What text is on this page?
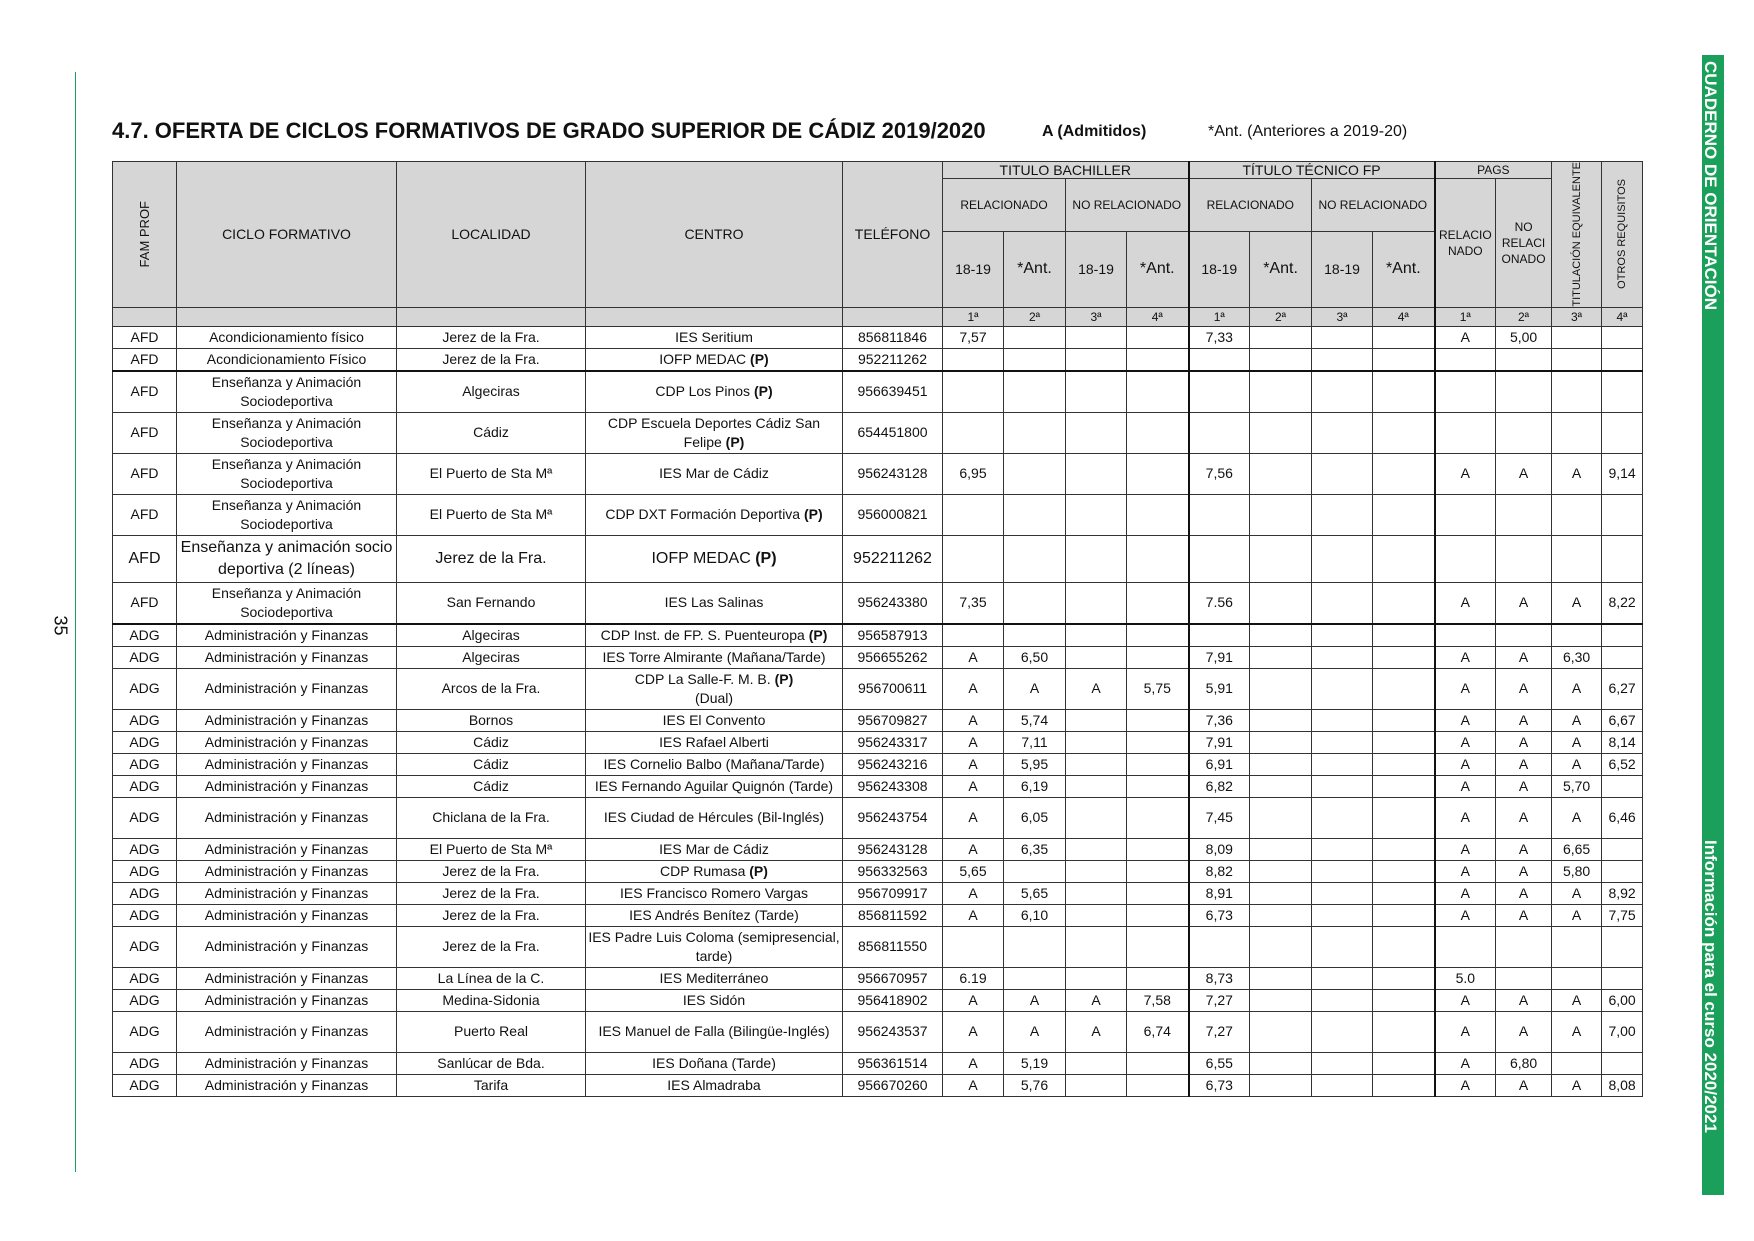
35
CUADERNO DE ORIENTACIÓN
Información para el curso 2020/2021
4.7. OFERTA DE CICLOS FORMATIVOS DE GRADO SUPERIOR DE CÁDIZ 2019/2020	A (Admitidos)	*Ant. (Anteriores a 2019-20)
FAM PROF	CICLO FORMATIVO	LOCALIDAD	CENTRO	TELÉFONO	TITULO BACHILLER				TÍTULO TÉCNICO FP				PAGS		TITULACIÓN EQUIVALENTE	OTROS REQUISITOS

					RELACIONADO		NO RELACIONADO		RELACIONADO		NO RELACIONADO		RELACIO NADO	NO RELACI ONADO		
					18-19	*Ant.	18-19	*Ant.	18-19	*Ant.	18-19	*Ant.				
					1ª	2ª	3ª	4ª	1ª	2ª	3ª	4ª	1ª	2ª	3ª	4ª
AFD	Acondicionamiento físico	Jerez de la Fra.	IES Seritium	856811846	7,57				7,33				A	5,00		
AFD	Acondicionamiento Físico	Jerez de la Fra.	IOFP MEDAC (P)	952211262												
AFD	Enseñanza y Animación Sociodeportiva	Algeciras	CDP Los Pinos (P)	956639451												
AFD	Enseñanza y Animación Sociodeportiva	Cádiz	CDP Escuela Deportes Cádiz San Felipe (P)	654451800												
AFD	Enseñanza y Animación Sociodeportiva	El Puerto de Sta Mª	IES Mar de Cádiz	956243128	6,95				7,56				A	A	A	9,14
AFD	Enseñanza y Animación Sociodeportiva	El Puerto de Sta Mª	CDP DXT Formación Deportiva (P)	956000821												
AFD	Enseñanza y animación socio deportiva (2 líneas)	Jerez de la Fra.	IOFP MEDAC (P)	952211262												
AFD	Enseñanza y Animación Sociodeportiva	San Fernando	IES Las Salinas	956243380	7,35				7.56				A	A	A	8,22
ADG	Administración y Finanzas	Algeciras	CDP Inst. de FP. S. Puenteuropa (P)	956587913												
ADG	Administración y Finanzas	Algeciras	IES Torre Almirante (Mañana/Tarde)	956655262	A	6,50			7,91				A	A	6,30	
ADG	Administración y Finanzas	Arcos de la Fra.	CDP La Salle-F. M. B. (P)
(Dual)	956700611	A	A	A	5,75	5,91				A	A	A	6,27
ADG	Administración y Finanzas	Bornos	IES El Convento	956709827	A	5,74			7,36				A	A	A	6,67
ADG	Administración y Finanzas	Cádiz	IES Rafael Alberti	956243317	A	7,11			7,91				A	A	A	8,14
ADG	Administración y Finanzas	Cádiz	IES Cornelio Balbo (Mañana/Tarde)	956243216	A	5,95			6,91				A	A	A	6,52
ADG	Administración y Finanzas	Cádiz	IES Fernando Aguilar Quignón (Tarde)	956243308	A	6,19			6,82				A	A	5,70	
ADG	Administración y Finanzas	Chiclana de la Fra.	IES Ciudad de Hércules (Bil-Inglés)	956243754	A	6,05			7,45				A	A	A	6,46
ADG	Administración y Finanzas	El Puerto de Sta Mª	IES Mar de Cádiz	956243128	A	6,35			8,09				A	A	6,65	
ADG	Administración y Finanzas	Jerez de la Fra.	CDP Rumasa (P)	956332563	5,65				8,82				A	A	5,80	
ADG	Administración y Finanzas	Jerez de la Fra.	IES Francisco Romero Vargas	956709917	A	5,65			8,91				A	A	A	8,92
ADG	Administración y Finanzas	Jerez de la Fra.	IES Andrés Benítez (Tarde)	856811592	A	6,10			6,73				A	A	A	7,75
ADG	Administración y Finanzas	Jerez de la Fra.	IES Padre Luis Coloma (semipresencial, tarde)	856811550												
ADG	Administración y Finanzas	La Línea de la C.	IES Mediterráneo	956670957	6.19				8,73				5.0			
ADG	Administración y Finanzas	Medina-Sidonia	IES Sidón	956418902	A	A	A	7,58	7,27				A	A	A	6,00
ADG	Administración y Finanzas	Puerto Real	IES Manuel de Falla (Bilingüe-Inglés)	956243537	A	A	A	6,74	7,27				A	A	A	7,00
ADG	Administración y Finanzas	Sanlúcar de Bda.	IES Doñana (Tarde)	956361514	A	5,19			6,55				A	6,80		
ADG	Administración y Finanzas	Tarifa	IES Almadraba	956670260	A	5,76			6,73				A	A	A	8,08
